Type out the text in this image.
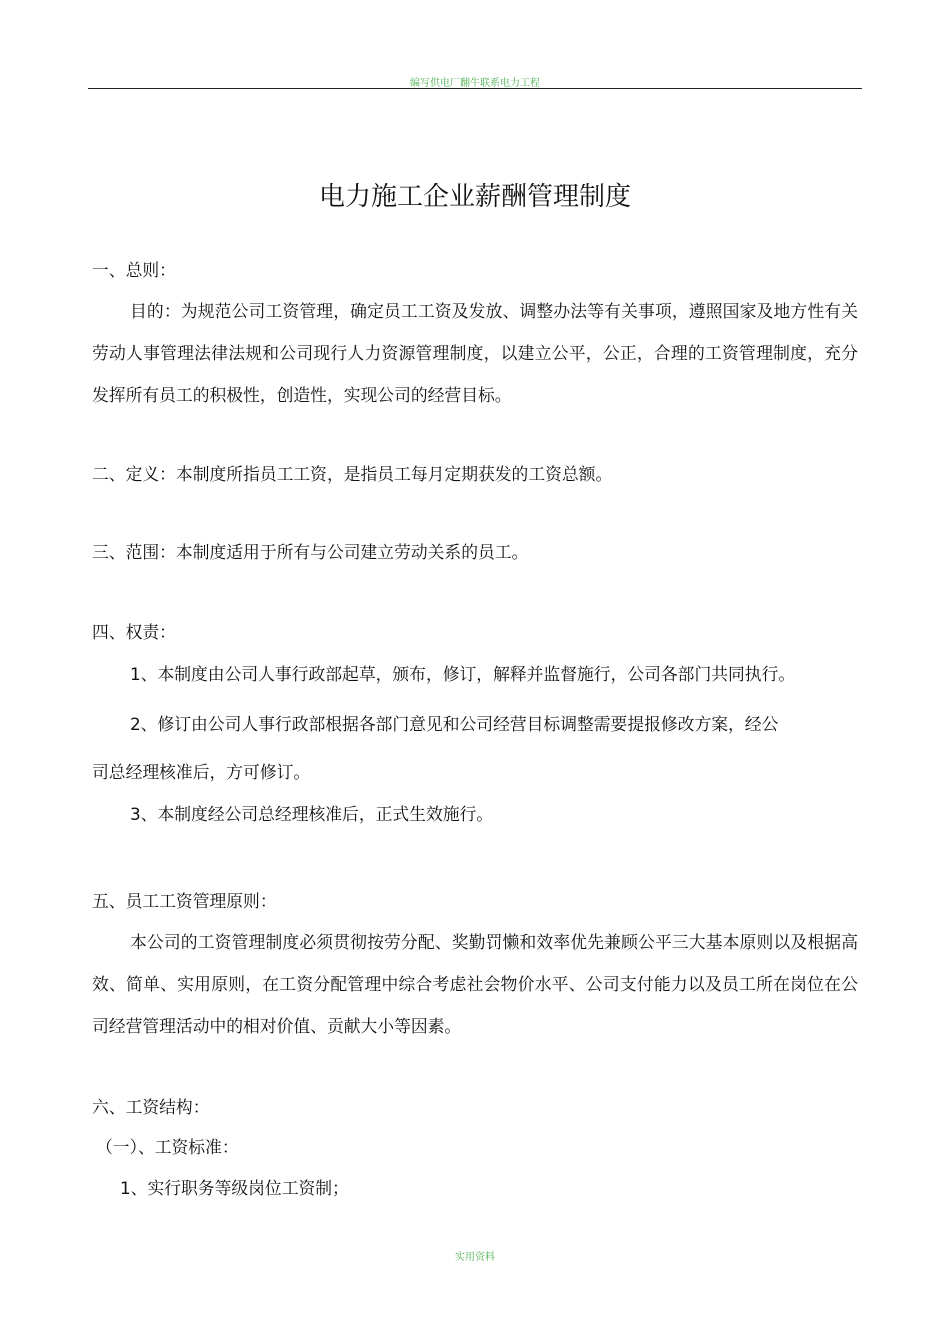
编写供电厂翻牛联系电力工程
电力施工企业薪酬管理制度
一、总则：
目的：为规范公司工资管理，确定员工工资及发放、调整办法等有关事项，遵照国家及地方性有关劳动人事管理法律法规和公司现行人力资源管理制度，以建立公平，公正，合理的工资管理制度，充分发挥所有员工的积极性，创造性，实现公司的经营目标。
二、定义：本制度所指员工工资，是指员工每月定期获发的工资总额。
三、范围：本制度适用于所有与公司建立劳动关系的员工。
四、权责：
1、本制度由公司人事行政部起草，颁布，修订，解释并监督施行，公司各部门共同执行。
2、修订由公司人事行政部根据各部门意见和公司经营目标调整需要提报修改方案，经公
司总经理核准后，方可修订。
3、本制度经公司总经理核准后，正式生效施行。
五、员工工资管理原则：
本公司的工资管理制度必须贯彻按劳分配、奖勤罚懒和效率优先兼顾公平三大基本原则以及根据高效、简单、实用原则，在工资分配管理中综合考虑社会物价水平、公司支付能力以及员工所在岗位在公司经营管理活动中的相对价值、贡献大小等因素。
六、工资结构：
（一）、工资标准：
1、实行职务等级岗位工资制；
实用资料
